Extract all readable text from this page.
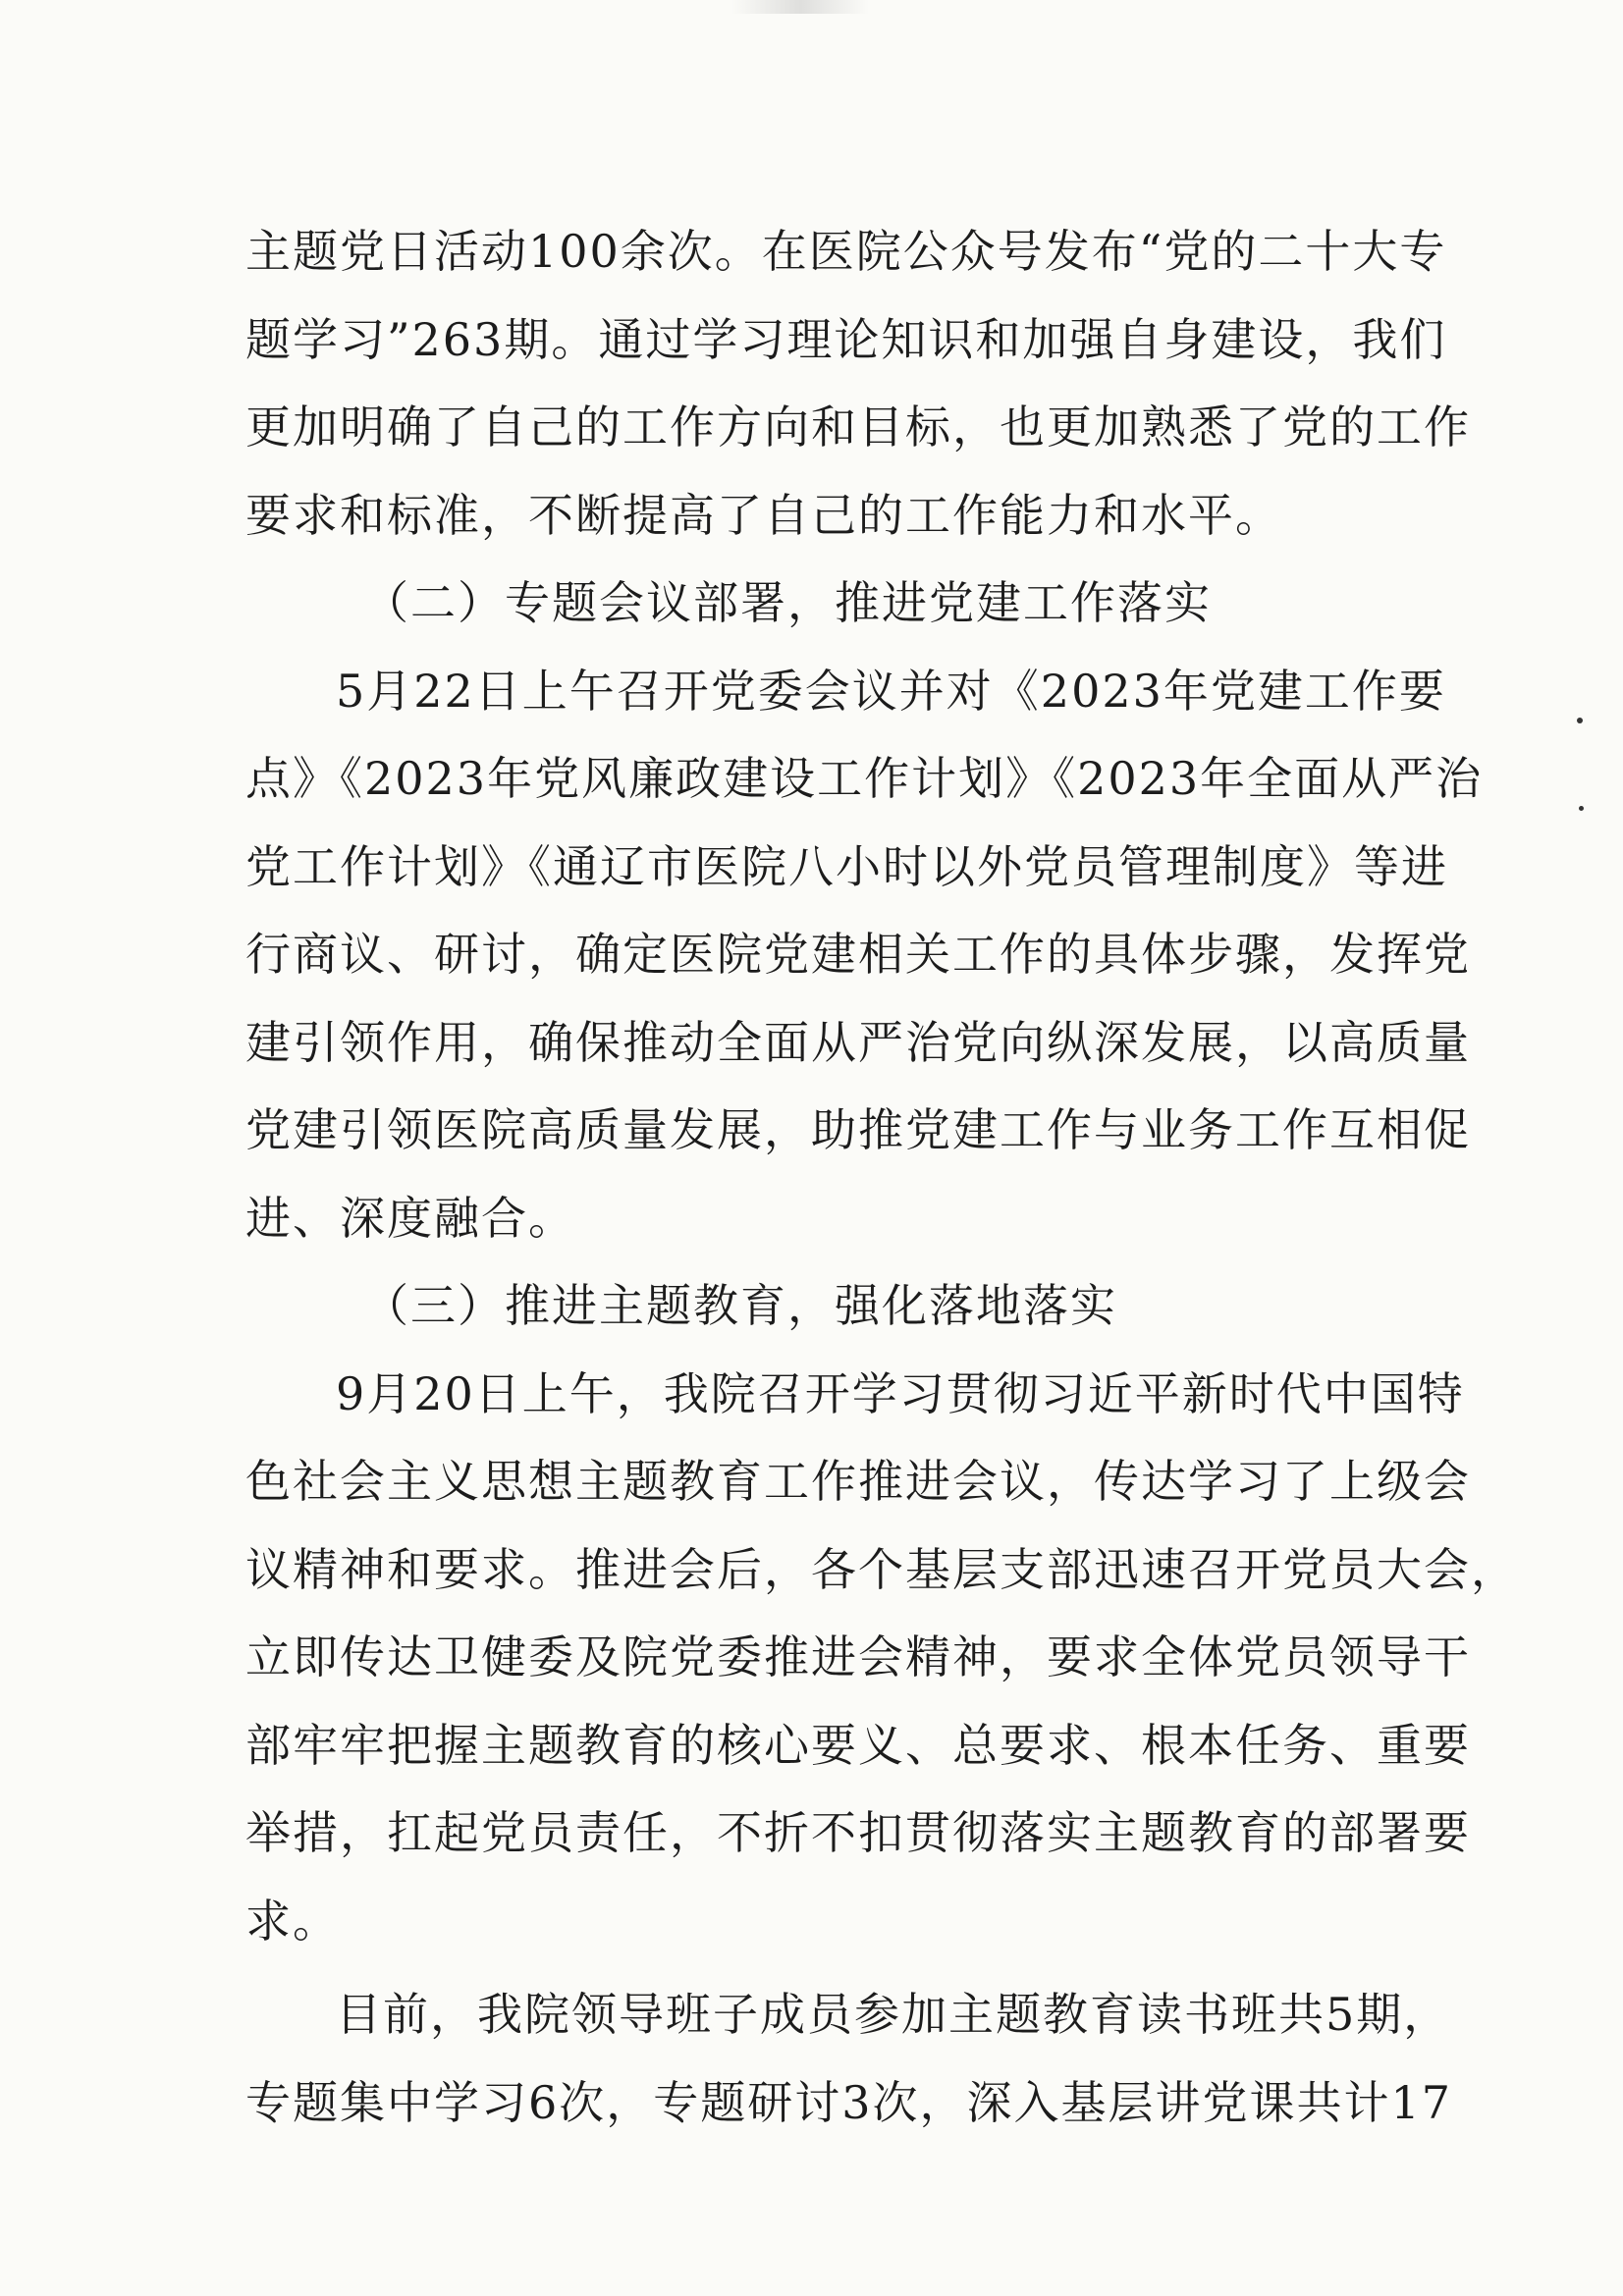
主题党日活动100余次。在医院公众号发布“党的二十大专
题学习”263期。通过学习理论知识和加强自身建设，我们
更加明确了自己的工作方向和目标，也更加熟悉了党的工作
要求和标准，不断提高了自己的工作能力和水平。
（二）专题会议部署，推进党建工作落实
5月22日上午召开党委会议并对《2023年党建工作要
点》《2023年党风廉政建设工作计划》《2023年全面从严治
党工作计划》《通辽市医院八小时以外党员管理制度》等进
行商议、研讨，确定医院党建相关工作的具体步骤，发挥党
建引领作用，确保推动全面从严治党向纵深发展，以高质量
党建引领医院高质量发展，助推党建工作与业务工作互相促
进、深度融合。
（三）推进主题教育，强化落地落实
9月20日上午，我院召开学习贯彻习近平新时代中国特
色社会主义思想主题教育工作推进会议，传达学习了上级会
议精神和要求。推进会后，各个基层支部迅速召开党员大会，
立即传达卫健委及院党委推进会精神，要求全体党员领导干
部牢牢把握主题教育的核心要义、总要求、根本任务、重要
举措，扛起党员责任，不折不扣贯彻落实主题教育的部署要
求。
目前，我院领导班子成员参加主题教育读书班共5期，
专题集中学习6次，专题研讨3次，深入基层讲党课共计17
